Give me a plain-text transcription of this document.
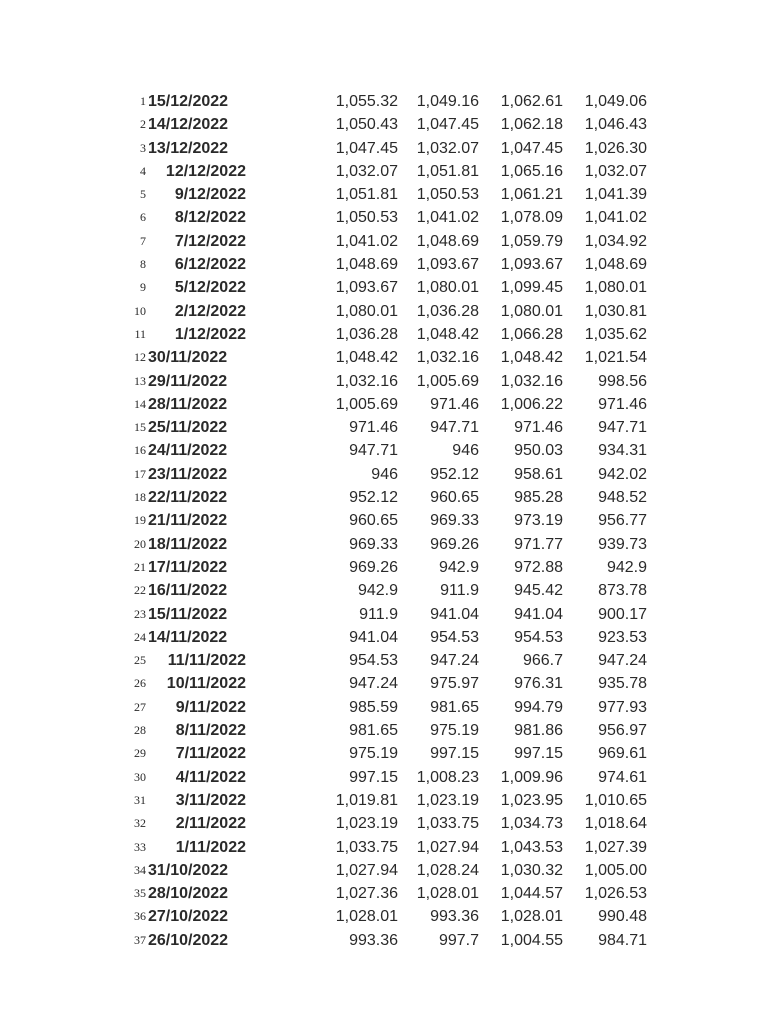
1 15/12/2022	1,055.32 1,049.16 1,062.61 1,049.06
2 14/12/2022	1,050.43 1,047.45 1,062.18 1,046.43
3 13/12/2022	1,047.45 1,032.07 1,047.45 1,026.30
4 12/12/2022	1,032.07 1,051.81 1,065.16 1,032.07
5 9/12/2022	1,051.81 1,050.53 1,061.21 1,041.39
6 8/12/2022	1,050.53 1,041.02 1,078.09 1,041.02
7 7/12/2022	1,041.02 1,048.69 1,059.79 1,034.92
8 6/12/2022	1,048.69 1,093.67 1,093.67 1,048.69
9 5/12/2022	1,093.67 1,080.01 1,099.45 1,080.01
10 2/12/2022	1,080.01 1,036.28 1,080.01 1,030.81
11 1/12/2022	1,036.28 1,048.42 1,066.28 1,035.62
12 30/11/2022	1,048.42 1,032.16 1,048.42 1,021.54
13 29/11/2022	1,032.16 1,005.69 1,032.16 998.56
14 28/11/2022	1,005.69 971.46 1,006.22 971.46
15 25/11/2022	971.46 947.71 971.46 947.71
16 24/11/2022	947.71	946 950.03 934.31
17 23/11/2022	946 952.12 958.61 942.02
18 22/11/2022	952.12 960.65 985.28 948.52
19 21/11/2022	960.65 969.33 973.19 956.77
20 18/11/2022	969.33 969.26 971.77 939.73
21 17/11/2022	969.26	942.9 972.88	942.9
22 16/11/2022	942.9	911.9 945.42 873.78
23 15/11/2022	911.9 941.04 941.04 900.17
24 14/11/2022	941.04 954.53 954.53 923.53
25 11/11/2022	954.53 947.24	966.7 947.24
26 10/11/2022	947.24 975.97 976.31 935.78
27 9/11/2022	985.59 981.65 994.79 977.93
28 8/11/2022	981.65 975.19 981.86 956.97
29 7/11/2022	975.19 997.15 997.15 969.61
30 4/11/2022	997.15 1,008.23 1,009.96 974.61
31 3/11/2022	1,019.81 1,023.19 1,023.95 1,010.65
32 2/11/2022	1,023.19 1,033.75 1,034.73 1,018.64
33 1/11/2022	1,033.75 1,027.94 1,043.53 1,027.39
34 31/10/2022	1,027.94 1,028.24 1,030.32 1,005.00
35 28/10/2022	1,027.36 1,028.01 1,044.57 1,026.53
36 27/10/2022	1,028.01 993.36 1,028.01 990.48
37 26/10/2022	993.36	997.7 1,004.55 984.71
